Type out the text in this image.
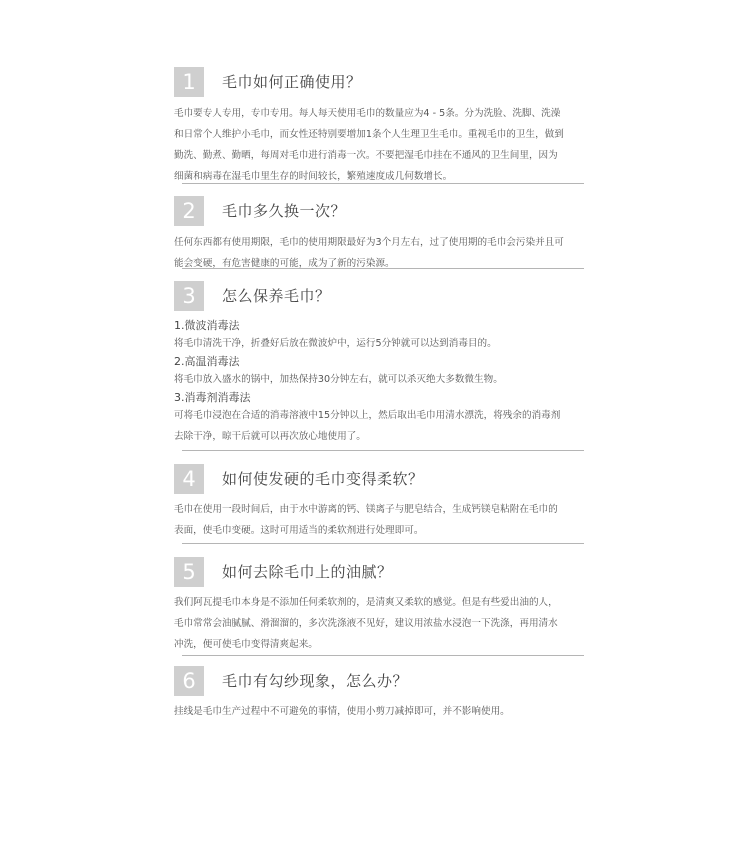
1	毛巾如何正确使用？

毛巾要专人专用，专巾专用。每人每天使用毛巾的数量应为4 - 5条。分为洗脸、洗脚、洗澡

和日常个人维护小毛巾，而女性还特别要增加1条个人生理卫生毛巾。重视毛巾的卫生，做到

勤洗、勤煮、勤晒，每周对毛巾进行消毒一次。不要把湿毛巾挂在不通风的卫生间里，因为

细菌和病毒在湿毛巾里生存的时间较长，繁殖速度成几何数增长。

2	毛巾多久换一次？

任何东西都有使用期限，毛巾的使用期限最好为3个月左右，过了使用期的毛巾会污染并且可

能会变硬，有危害健康的可能，成为了新的污染源。

3	怎么保养毛巾？

1.微波消毒法

将毛巾清洗干净，折叠好后放在微波炉中，运行5分钟就可以达到消毒目的。

2.高温消毒法

将毛巾放入盛水的锅中，加热保持30分钟左右，就可以杀灭绝大多数微生物。

3.消毒剂消毒法

可将毛巾浸泡在合适的消毒溶液中15分钟以上，然后取出毛巾用清水漂洗，将残余的消毒剂

去除干净，晾干后就可以再次放心地使用了。

4	如何使发硬的毛巾变得柔软？

毛巾在使用一段时间后，由于水中游离的钙、镁离子与肥皂结合，生成钙镁皂粘附在毛巾的

表面，使毛巾变硬。这时可用适当的柔软剂进行处理即可。

5	如何去除毛巾上的油腻？

我们阿瓦提毛巾本身是不添加任何柔软剂的，是清爽又柔软的感觉。但是有些爱出油的人，

毛巾常常会油腻腻、滑溜溜的，多次洗涤液不见好，建议用浓盐水浸泡一下洗涤，再用清水

冲洗，便可使毛巾变得清爽起来。

6	毛巾有勾纱现象，怎么办？

挂线是毛巾生产过程中不可避免的事情，使用小剪刀减掉即可，并不影响使用。
